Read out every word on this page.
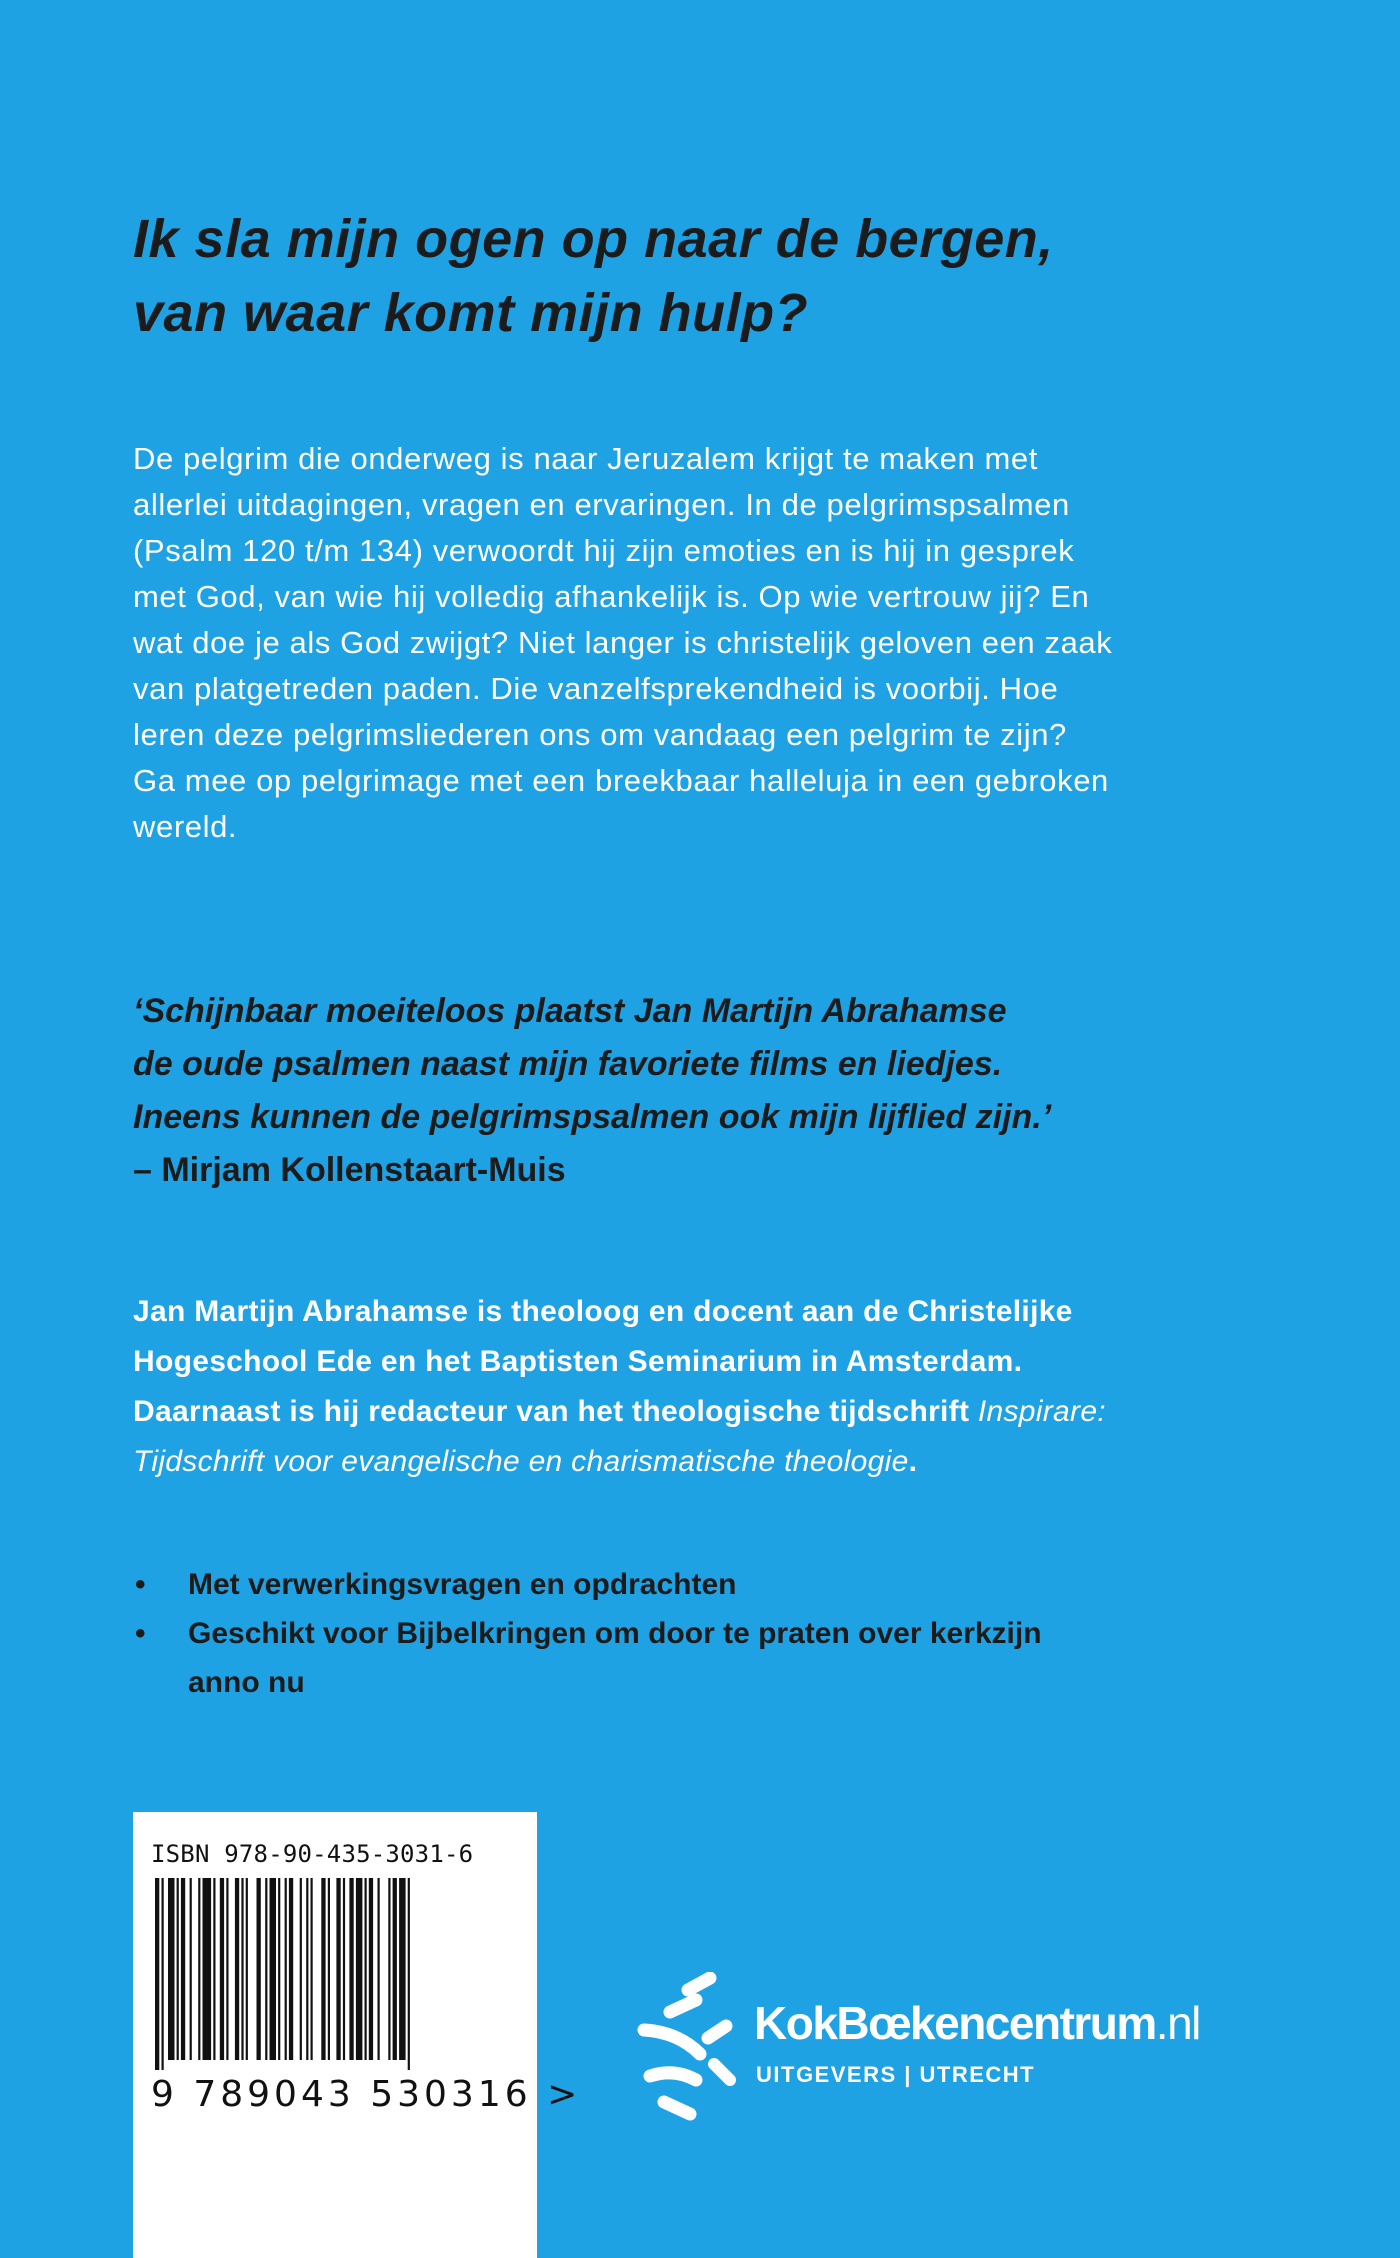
Ik sla mijn ogen op naar de bergen,
van waar komt mijn hulp?
De pelgrim die onderweg is naar Jeruzalem krijgt te maken met
allerlei uitdagingen, vragen en ervaringen. In de pelgrimspsalmen
(Psalm 120 t/m 134) verwoordt hij zijn emoties en is hij in gesprek
met God, van wie hij volledig afhankelijk is. Op wie vertrouw jij? En
wat doe je als God zwijgt? Niet langer is christelijk geloven een zaak
van platgetreden paden. Die vanzelfsprekendheid is voorbij. Hoe
leren deze pelgrimsliederen ons om vandaag een pelgrim te zijn?
Ga mee op pelgrimage met een breekbaar halleluja in een gebroken
wereld.
‘Schijnbaar moeiteloos plaatst Jan Martijn Abrahamse
de oude psalmen naast mijn favoriete films en liedjes.
Ineens kunnen de pelgrimspsalmen ook mijn lijflied zijn.’
– Mirjam Kollenstaart-Muis
Jan Martijn Abrahamse is theoloog en docent aan de Christelijke
Hogeschool Ede en het Baptisten Seminarium in Amsterdam.
Daarnaast is hij redacteur van het theologische tijdschrift Inspirare:
Tijdschrift voor evangelische en charismatische theologie.
• Met verwerkingsvragen en opdrachten
• Geschikt voor Bijbelkringen om door te praten over kerkzijn
anno nu
ISBN 978-90-435-3031-6
9 789043 530316 >
KokBœkencentrum.nl
UITGEVERS | UTRECHT
